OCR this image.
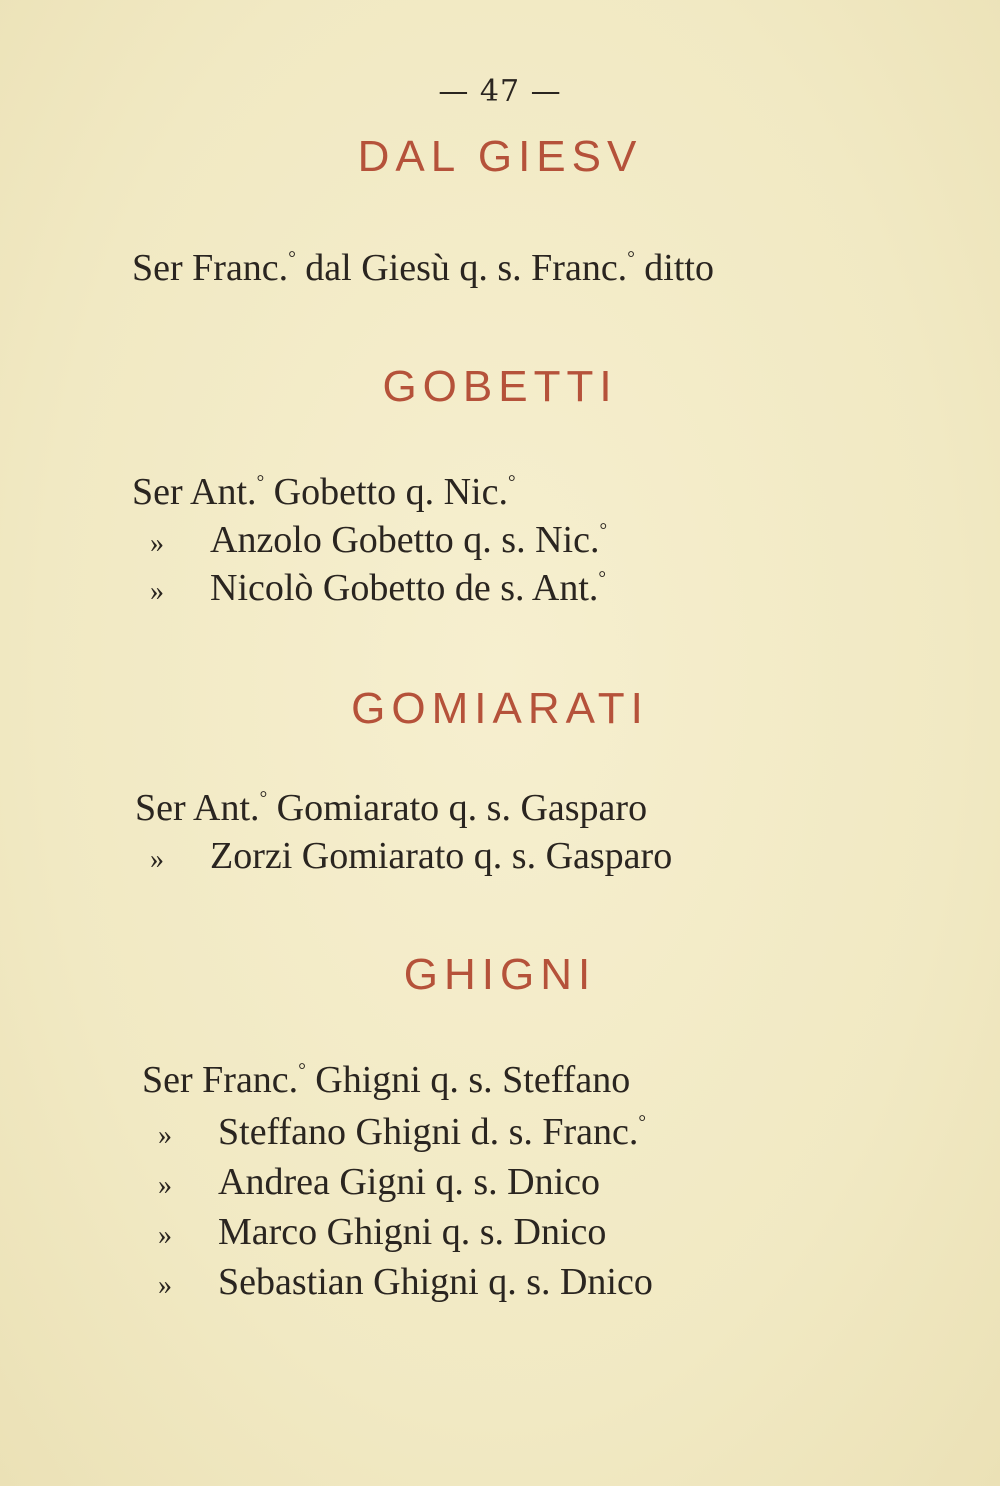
— 47 —
DAL GIESV
Ser Franc.° dal Giesù q. s. Franc.° ditto
GOBETTI
Ser Ant.° Gobetto q. Nic.°
» Anzolo Gobetto q. s. Nic.°
» Nicolò Gobetto de s. Ant.°
GOMIARATI
Ser Ant.° Gomiarato q. s. Gasparo
» Zorzi Gomiarato q. s. Gasparo
GHIGNI
Ser Franc.° Ghigni q. s. Steffano
» Steffano Ghigni d. s. Franc.°
» Andrea Gigni q. s. Dnico
» Marco Ghigni q. s. Dnico
» Sebastian Ghigni q. s. Dnico
